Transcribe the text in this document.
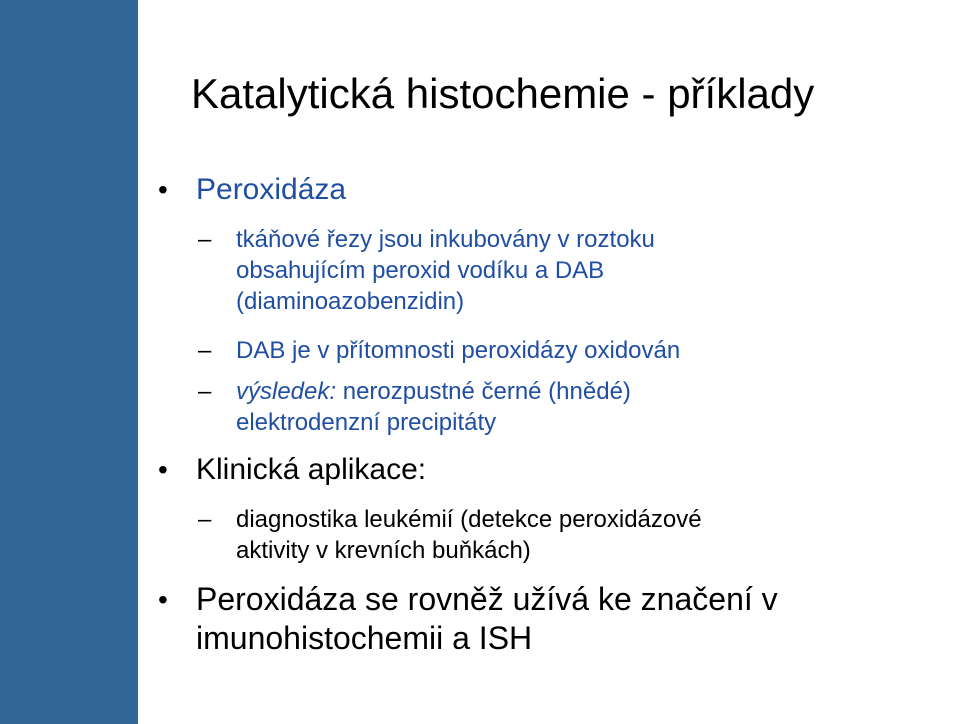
Katalytická histochemie - příklady
• Peroxidáza
– tkáňové řezy jsou inkubovány v roztoku
obsahujícím peroxid vodíku a DAB
(diaminoazobenzidin)
– DAB je v přítomnosti peroxidázy oxidován
– výsledek: nerozpustné černé (hnědé)
elektrodenzní precipitáty
• Klinická aplikace:
– diagnostika leukémií (detekce peroxidázové
aktivity v krevních buňkách)
• Peroxidáza se rovněž užívá ke značení v
imunohistochemii a ISH
